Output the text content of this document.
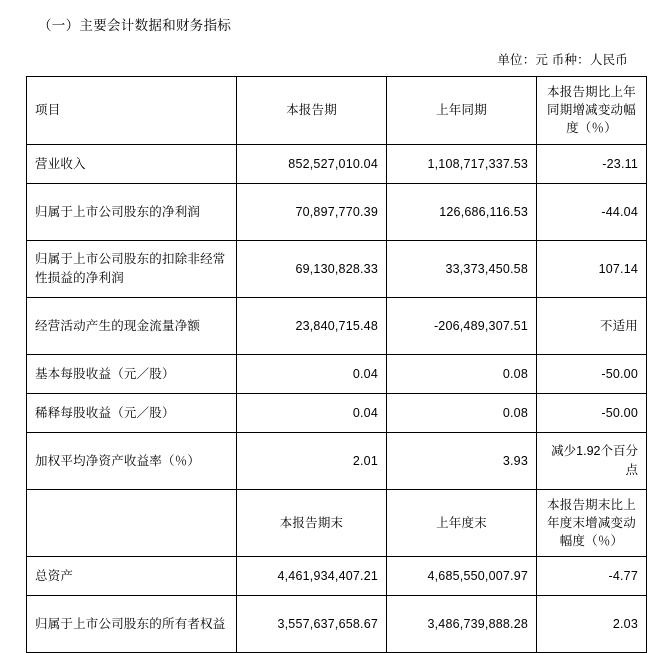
（一）主要会计数据和财务指标
单位：元 币种：人民币
项目	本报告期	上年同期	本报告期比上年同期增减变动幅度（％）
营业收入	852,527,010.04	1,108,717,337.53	-23.11
归属于上市公司股东的净利润	70,897,770.39	126,686,116.53	-44.04
归属于上市公司股东的扣除非经常性损益的净利润	69,130,828.33	33,373,450.58	107.14
经营活动产生的现金流量净额	23,840,715.48	-206,489,307.51	不适用
基本每股收益（元／股）	0.04	0.08	-50.00
稀释每股收益（元／股）	0.04	0.08	-50.00
加权平均净资产收益率（％）	2.01	3.93	减少1.92个百分点
	本报告期末	上年度末	本报告期末比上年度末增减变动幅度（％）
总资产	4,461,934,407.21	4,685,550,007.97	-4.77
归属于上市公司股东的所有者权益	3,557,637,658.67	3,486,739,888.28	2.03
